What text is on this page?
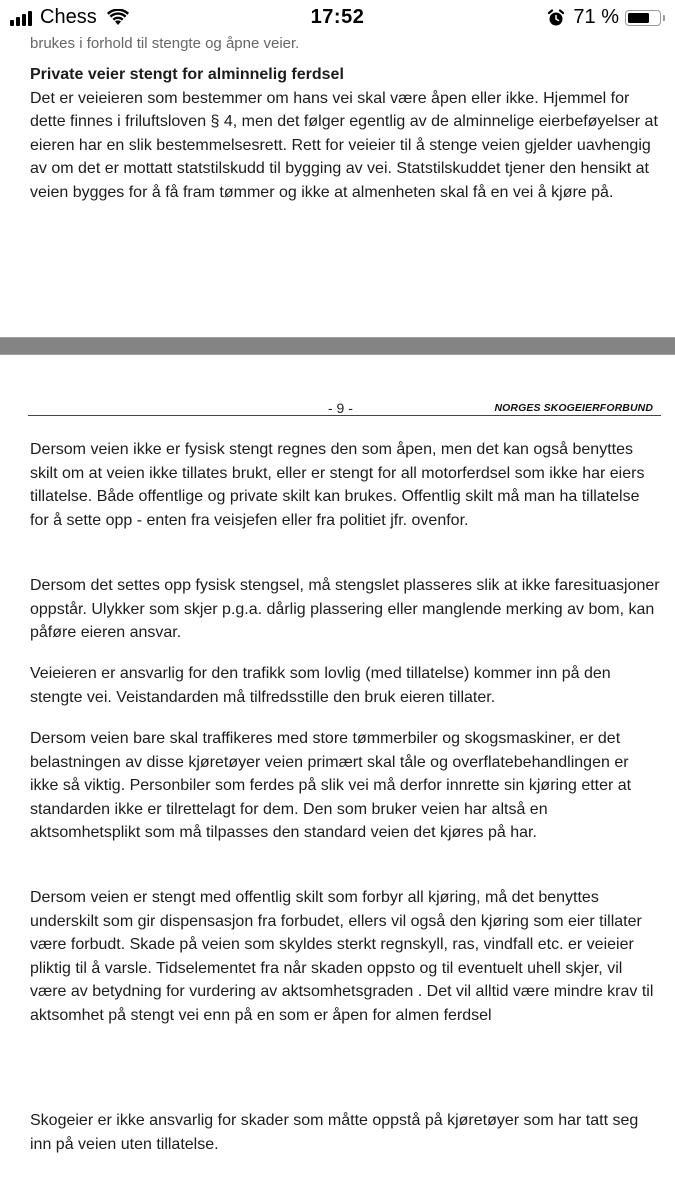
Chess	17:52	71 %
brukes i forhold til stengte og åpne veier.

Private veier stengt for alminnelig ferdsel

Det er veieieren som bestemmer om hans vei skal være åpen eller ikke. Hjemmel for dette finnes i friluftsloven § 4, men det følger egentlig av de alminnelige eierbeføyelser at eieren har en slik bestemmelsesrett. Rett for veieier til å stenge veien gjelder uavhengig av om det er mottatt statstilskudd til bygging av vei. Statstilskuddet tjener den hensikt at veien bygges for å få fram tømmer og ikke at almenheten skal få en vei å kjøre på.

- 9 -	NORGES SKOGEIERFORBUND

Dersom veien ikke er fysisk stengt regnes den som åpen, men det kan også benyttes skilt om at veien ikke tillates brukt, eller er stengt for all motorferdsel som ikke har eiers tillatelse. Både offentlige og private skilt kan brukes. Offentlig skilt må man ha tillatelse for å sette opp - enten fra veisjefen eller fra politiet jfr. ovenfor.

Dersom det settes opp fysisk stengsel, må stengslet plasseres slik at ikke faresituasjoner oppstår. Ulykker som skjer p.g.a. dårlig plassering eller manglende merking av bom, kan påføre eieren ansvar.

Veieieren er ansvarlig for den trafikk som lovlig (med tillatelse) kommer inn på den stengte vei. Veistandarden må tilfredsstille den bruk eieren tillater.

Dersom veien bare skal traffikeres med store tømmerbiler og skogsmaskiner, er det belastningen av disse kjøretøyer veien primært skal tåle og overflatebehandlingen er ikke så viktig. Personbiler som ferdes på slik vei må derfor innrette sin kjøring etter at standarden ikke er tilrettelagt for dem. Den som bruker veien har altså en aktsomhetsplikt som må tilpasses den standard veien det kjøres på har.

Dersom veien er stengt med offentlig skilt som forbyr all kjøring, må det benyttes underskilt som gir dispensasjon fra forbudet, ellers vil også den kjøring som eier tillater være forbudt. Skade på veien som skyldes sterkt regnskyll, ras, vindfall etc. er veieier pliktig til å varsle. Tidselementet fra når skaden oppsto og til eventuelt uhell skjer, vil være av betydning for vurdering av aktsomhetsgraden . Det vil alltid være mindre krav til aktsomhet på stengt vei enn på en som er åpen for almen ferdsel

Skogeier er ikke ansvarlig for skader som måtte oppstå på kjøretøyer som har tatt seg inn på veien uten tillatelse.
